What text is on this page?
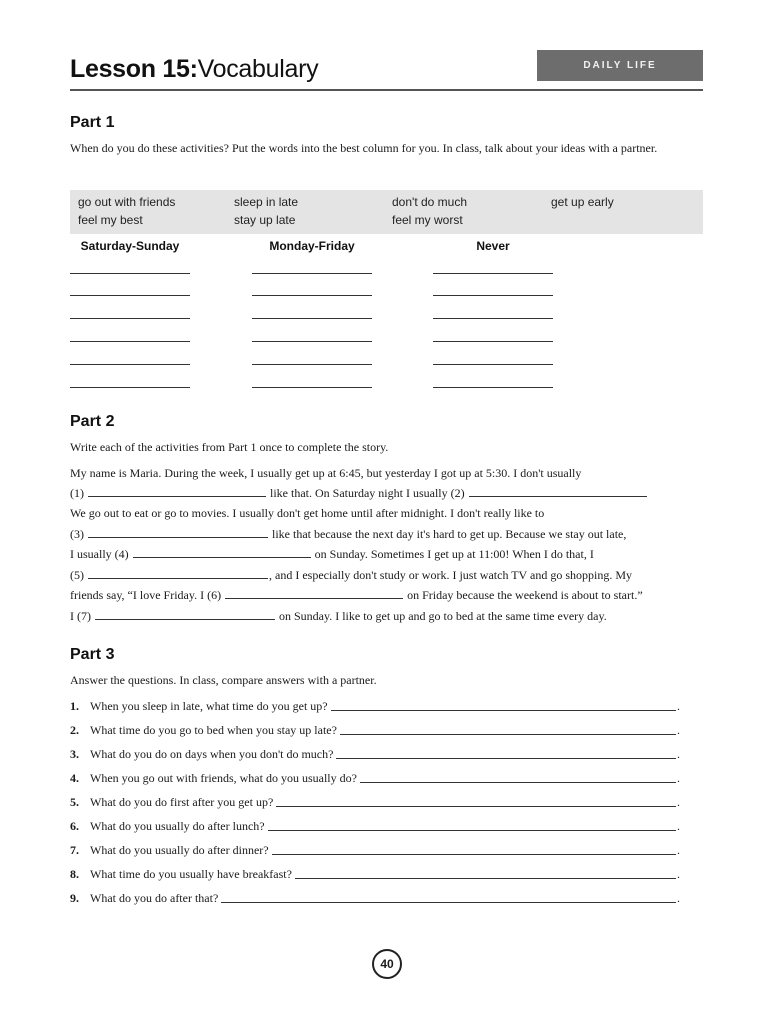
Lesson 15:Vocabulary	DAILY LIFE
Part 1
When do you do these activities? Put the words into the best column for you. In class, talk about your ideas with a partner.
go out with friends	sleep in late	don't do much	get up early
feel my best	stay up late	feel my worst
Saturday-Sunday	Monday-Friday	Never
Part 2
Write each of the activities from Part 1 once to complete the story.
My name is Maria. During the week, I usually get up at 6:45, but yesterday I got up at 5:30. I don't usually
(1)	like that. On Saturday night I usually (2)
We go out to eat or go to movies. I usually don't get home until after midnight. I don't really like to
(3)	like that because the next day it's hard to get up. Because we stay out late,
I usually (4)	on Sunday. Sometimes I get up at 11:00! When I do that, I
(5)	, and I especially don't study or work. I just watch TV and go shopping. My
friends say, “I love Friday. I (6)	on Friday because the weekend is about to start.”
I (7)	on Sunday. I like to get up and go to bed at the same time every day.
Part 3
Answer the questions. In class, compare answers with a partner.
1. When you sleep in late, what time do you get up?	.
2. What time do you go to bed when you stay up late?	.
3. What do you do on days when you don't do much?	.
4. When you go out with friends, what do you usually do?	.
5. What do you do first after you get up?	.
6. What do you usually do after lunch?	.
7. What do you usually do after dinner?	.
8. What time do you usually have breakfast?	.
9. What do you do after that?	.
40
